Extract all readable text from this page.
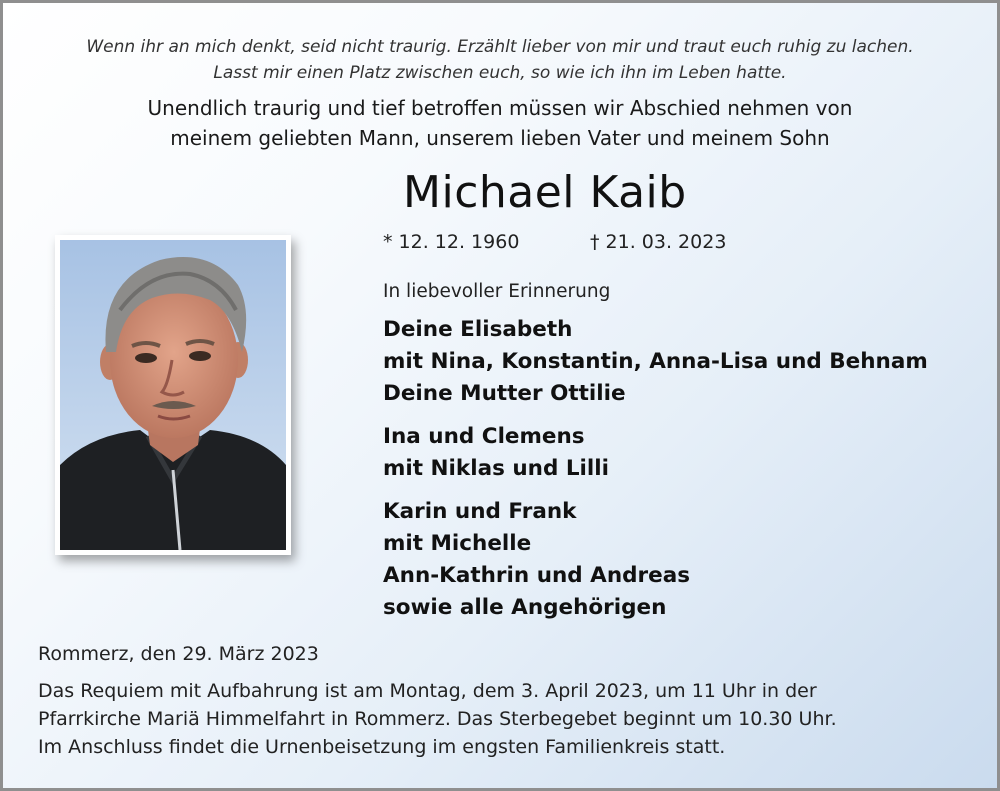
Wenn ihr an mich denkt, seid nicht traurig. Erzählt lieber von mir und traut euch ruhig zu lachen.

Lasst mir einen Platz zwischen euch, so wie ich ihn im Leben hatte.

Unendlich traurig und tief betroffen müssen wir Abschied nehmen von

meinem geliebten Mann, unserem lieben Vater und meinem Sohn

Michael Kaib
* 12. 12. 1960	† 21. 03. 2023
In liebevoller Erinnerung
Deine Elisabeth
mit Nina, Konstantin, Anna-Lisa und Behnam
Deine Mutter Ottilie
Ina und Clemens
mit Niklas und Lilli
Karin und Frank
mit Michelle
Ann-Kathrin und Andreas
sowie alle Angehörigen
Rommerz, den 29. März 2023
Das Requiem mit Aufbahrung ist am Montag, dem 3. April 2023, um 11 Uhr in der
Pfarrkirche Mariä Himmelfahrt in Rommerz. Das Sterbegebet beginnt um 10.30 Uhr.
Im Anschluss findet die Urnenbeisetzung im engsten Familienkreis statt.
